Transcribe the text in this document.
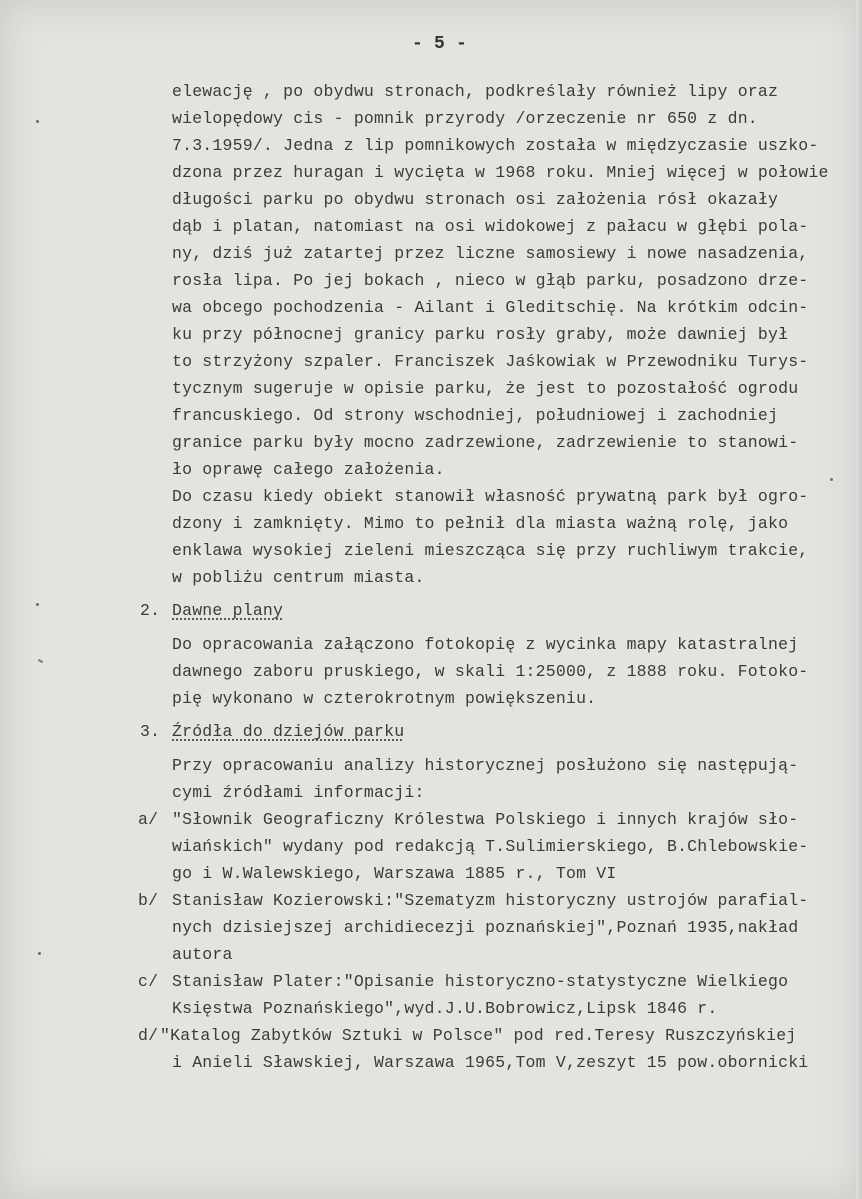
- 5 -
elewację , po obydwu stronach, podkreślały również lipy oraz
wielopędowy cis - pomnik przyrody /orzeczenie nr 650 z dn.
7.3.1959/. Jedna z lip pomnikowych została w międzyczasie uszko-
dzona przez huragan i wycięta w 1968 roku. Mniej więcej w połowie
długości parku po obydwu stronach osi założenia rósł okazały
dąb i platan, natomiast na osi widokowej z pałacu w głębi pola-
ny, dziś już zatartej przez liczne samosiewy i nowe nasadzenia,
rosła lipa. Po jej bokach , nieco w głąb parku, posadzono drze-
wa obcego pochodzenia - Ailant i Gleditschię. Na krótkim odcin-
ku przy północnej granicy parku rosły graby, może dawniej był
to strzyżony szpaler. Franciszek Jaśkowiak w Przewodniku Turys-
tycznym sugeruje w opisie parku, że jest to pozostałość ogrodu
francuskiego. Od strony wschodniej, południowej i zachodniej
granice parku były mocno zadrzewione, zadrzewienie to stanowi-
ło oprawę całego założenia.
Do czasu kiedy obiekt stanowił własność prywatną park był ogro-
dzony i zamknięty. Mimo to pełnił dla miasta ważną rolę, jako
enklawa wysokiej zieleni mieszcząca się przy ruchliwym trakcie,
w pobliżu centrum miasta.
2. Dawne plany
Do opracowania załączono fotokopię z wycinka mapy katastralnej
dawnego zaboru pruskiego, w skali 1:25000, z 1888 roku. Fotoko-
pię wykonano w czterokrotnym powiększeniu.
3. Źródła do dziejów parku
Przy opracowaniu analizy historycznej posłużono się następują-
cymi źródłami informacji:
a/ "Słownik Geograficzny Królestwa Polskiego i innych krajów sło-
wiańskich" wydany pod redakcją T.Sulimierskiego, B.Chlebowskie-
go i W.Walewskiego, Warszawa 1885 r., Tom VI
b/ Stanisław Kozierowski:"Szematyzm historyczny ustrojów parafial-
nych dzisiejszej archidiecezji poznańskiej",Poznań 1935,nakład
autora
c/ Stanisław Plater:"Opisanie historyczno-statystyczne Wielkiego
Księstwa Poznańskiego",wyd.J.U.Bobrowicz,Lipsk 1846 r.
d/ "Katalog Zabytków Sztuki w Polsce" pod red.Teresy Ruszczyńskiej
i Anieli Sławskiej, Warszawa 1965,Tom V,zeszyt 15 pow.obornicki
